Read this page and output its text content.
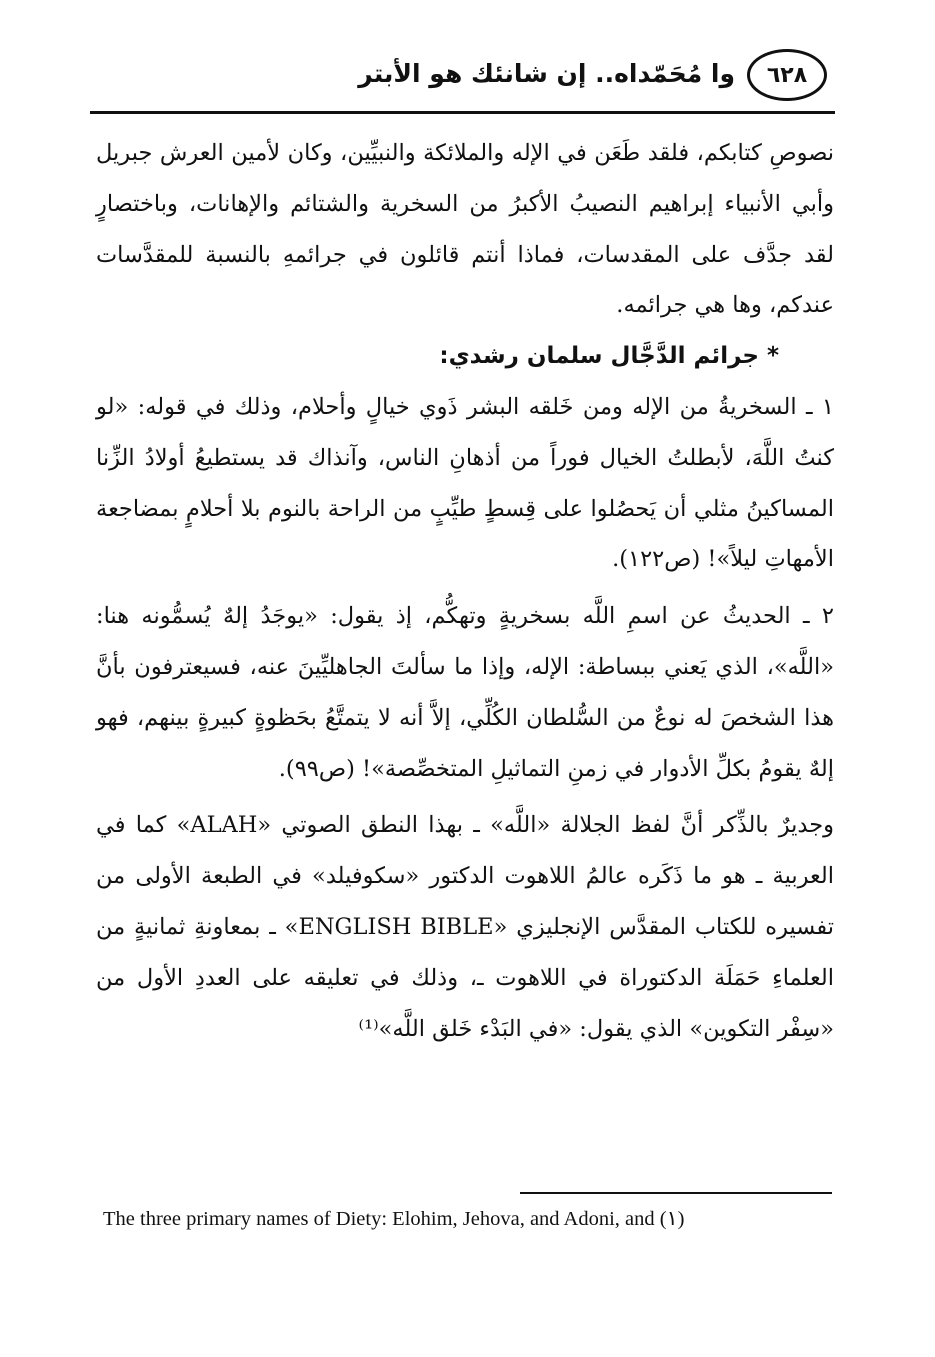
وا مُحَمّداه.. إن شانئك هو الأبتر	٦٢٨

نصوصِ كتابكم، فلقد طَعَن في الإله والملائكة والنبيِّين، وكان لأمين العرش جبريل وأبي الأنبياء إبراهيم النصيبُ الأكبرُ من السخرية والشتائم والإهانات، وباختصارٍ لقد جدَّف على المقدسات، فماذا أنتم قائلون في جرائمهِ بالنسبة للمقدَّسات عندكم، وها هي جرائمه.

* جرائم الدَّجَّال سلمان رشدي:

١ ـ السخريةُ من الإله ومن خَلقه البشر ذَوي خيالٍ وأحلام، وذلك في قوله: «لو كنتُ اللَّهَ، لأبطلتُ الخيال فوراً من أذهانِ الناس، وآنذاك قد يستطيعُ أولادُ الزِّنا المساكينُ مثلي أن يَحصُلوا على قِسطٍ طيِّبٍ من الراحة بالنوم بلا أحلامٍ بمضاجعة الأمهاتِ ليلاً»! (ص١٢٢).

٢ ـ الحديثُ عن اسمِ اللَّه بسخريةٍ وتهكُّم، إذ يقول: «يوجَدُ إلهٌ يُسمُّونه هنا: «اللَّه»، الذي يَعني ببساطة: الإله، وإذا ما سألتَ الجاهليِّينَ عنه، فسيعترفون بأنَّ هذا الشخصَ له نوعٌ من السُّلطان الكُلِّي، إلاَّ أنه لا يتمتَّعُ بحَظوةٍ كبيرةٍ بينهم، فهو إلهٌ يقومُ بكلِّ الأدوار في زمنِ التماثيلِ المتخصِّصة»! (ص٩٩).

وجديرٌ بالذِّكر أنَّ لفظ الجلالة «اللَّه» ـ بهذا النطق الصوتي «ALAH» كما في العربية ـ هو ما ذَكَره عالمُ اللاهوت الدكتور «سكوفيلد» في الطبعة الأولى من تفسيره للكتاب المقدَّس الإنجليزي «ENGLISH BIBLE» ـ بمعاونةِ ثمانيةٍ من العلماءِ حَمَلَة الدكتوراة في اللاهوت ـ، وذلك في تعليقه على العددِ الأول من «سِفْر التكوين» الذي يقول: «في البَدْء خَلق اللَّه»⁽¹⁾

The three primary names of Diety: Elohim, Jehova, and Adoni, and (١)
